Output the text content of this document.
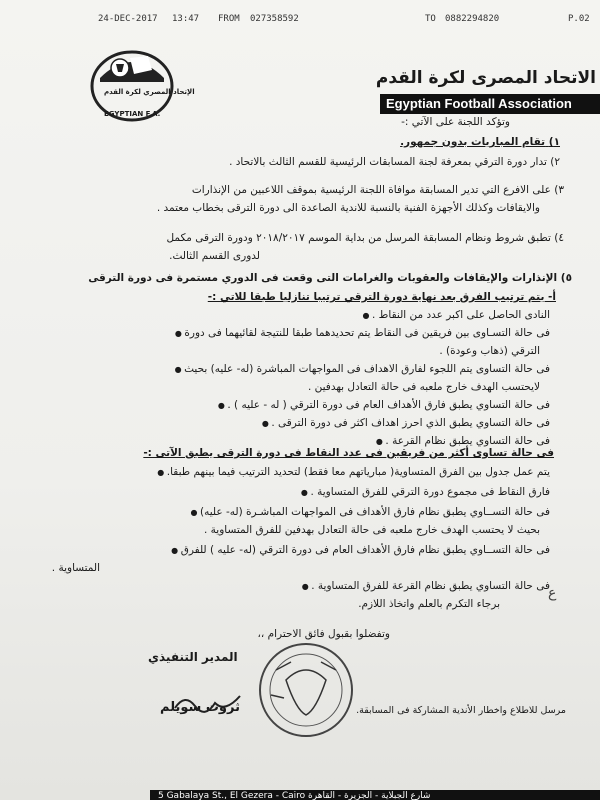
24-DEC-2017 13:47 FROM 027358592	TO 0882294820	P.02
الإتحاد المصري لكرة القدم
EGYPTIAN F.A.
الاتحاد المصرى لكرة القدم
Egyptian Football Association
وتؤكد اللجنة على الآتي :-
١) تقام المباريات بدون جمهور.
٢) تدار دورة الترقي بمعرفة لجنة المسابقات الرئيسية للقسم الثالث بالاتحاد .
٣) على الافرع التي تدير المسابقة موافاة اللجنة الرئيسية بموقف اللاعبين من الإنذارات
والايقافات وكذلك الأجهزة الفنية بالنسبة للاندية الصاعدة الى دورة الترقى بخطاب معتمد .
٤) تطبق شروط ونظام المسابقة المرسل من بداية الموسم ٢٠١٨/٢٠١٧ ودورة الترقى مكمل
لدورى القسم الثالث.
٥) الإنذارات والإيقافات والعقوبات والغرامات التى وقعت فى الدوري مستمرة فى دورة الترقى
أ- يتم ترتيب الفرق بعد نهاية دورة الترقي ترتيبا تنازليا طبقا للاتي :-
النادى الحاصل على اكبر عدد من النقاط . ●
فى حالة التسـاوى بين فريقين فى النقاط يتم تحديدهما طبقا للنتيجة لقائيهما فى دورة ●
الترقي (ذهاب وعودة) .
فى حالة التساوى يتم اللجوء لفارق الاهداف فى المواجهات المباشرة (له- عليه) بحيث ●
لايحتسب الهدف خارج ملعبه فى حالة التعادل بهدفين .
فى حالة التساوي يطبق فارق الأهداف العام فى دورة الترقي ( له - عليه ) . ●
فى حالة التساوي يطبق الذي احرز اهداف اكثر فى دورة الترقى . ●
فى حالة التساوي يطبق نظام القرعة . ●
فى حالة تساوى أكثر من فريقين فى عدد النقاط فى دورة الترقى يطبق الآتى :-
يتم عمل جدول بين الفرق المتساوية( مبارياتهم معا فقط) لتحديد الترتيب فيما بينهم طبقا. ●
فارق النقاط فى مجموع دورة الترقي للفرق المتساوية . ●
فى حالة التســاوي يطبق نظام فارق الأهداف فى المواجهات المباشـرة (له- عليه) ●
بحيث لا يحتسب الهدف خارج ملعبه فى حالة التعادل بهدفين للفرق المتساوية .
فى حالة التســاوي يطبق نظام فارق الأهداف العام فى دورة الترقي (له- عليه ) للفرق ●
المتساوية .
فى حالة التساوي يطبق نظام القرعة للفرق المتساوية . ●
ع
برجاء التكرم بالعلم واتخاذ اللازم.
وتفضلوا بقبول فائق الاحترام ،،
المدير التنفيذي
ثروت سويلم	مرسل للاطلاع واخطار الأندية المشاركة فى المسابقة.
5 Gabalaya St., El Gezera - Cairo شارع الجبلاية - الجزيرة - القاهرة
